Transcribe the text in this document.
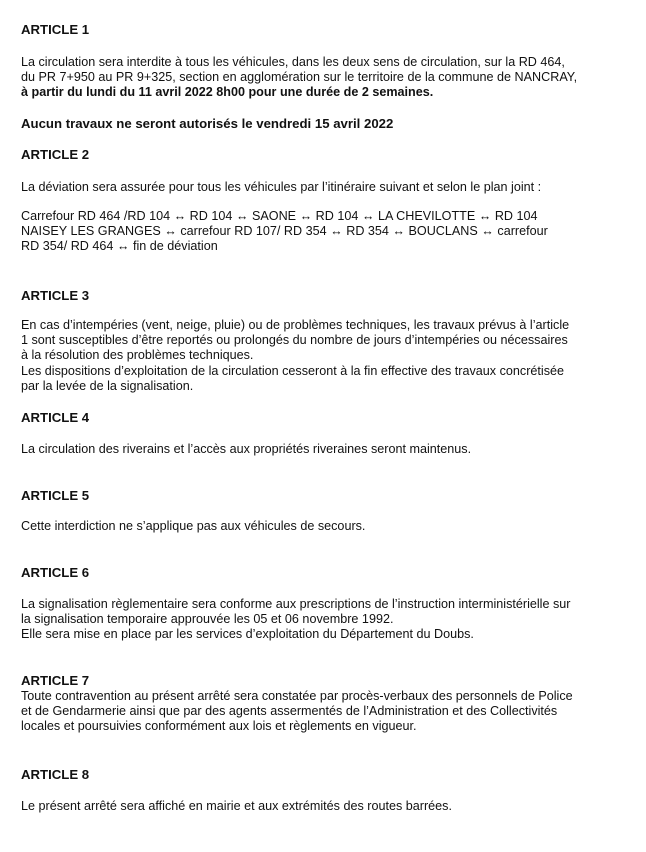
ARTICLE 1
La circulation sera interdite à tous les véhicules, dans les deux sens de circulation, sur la RD 464,
du PR 7+950 au PR 9+325, section en agglomération sur le territoire de la commune de NANCRAY,
à partir du lundi du 11 avril 2022 8h00 pour une durée de 2 semaines.
Aucun travaux ne seront autorisés le vendredi 15 avril 2022
ARTICLE 2
La déviation sera assurée pour tous les véhicules par l’itinéraire suivant et selon le plan joint :
Carrefour RD 464 /RD 104 ↔ RD 104 ↔ SAONE ↔ RD 104 ↔ LA CHEVILOTTE ↔ RD 104
NAISEY LES GRANGES ↔ carrefour RD 107/ RD 354 ↔ RD 354 ↔ BOUCLANS ↔ carrefour
RD 354/ RD 464 ↔ fin de déviation
ARTICLE 3
En cas d’intempéries (vent, neige, pluie) ou de problèmes techniques, les travaux prévus à l’article
1 sont susceptibles d’être reportés ou prolongés du nombre de jours d’intempéries ou nécessaires
à la résolution des problèmes techniques.
Les dispositions d’exploitation de la circulation cesseront à la fin effective des travaux concrétisée
par la levée de la signalisation.
ARTICLE 4
La circulation des riverains et l’accès aux propriétés riveraines seront maintenus.
ARTICLE 5
Cette interdiction ne s’applique pas aux véhicules de secours.
ARTICLE 6
La signalisation règlementaire sera conforme aux prescriptions de l’instruction interministérielle sur
la signalisation temporaire approuvée les 05 et 06 novembre 1992.
Elle sera mise en place par les services d’exploitation du Département du Doubs.
ARTICLE 7
Toute contravention au présent arrêté sera constatée par procès-verbaux des personnels de Police
et de Gendarmerie ainsi que par des agents assermentés de l’Administration et des Collectivités
locales et poursuivies conformément aux lois et règlements en vigueur.
ARTICLE 8
Le présent arrêté sera affiché en mairie et aux extrémités des routes barrées.
